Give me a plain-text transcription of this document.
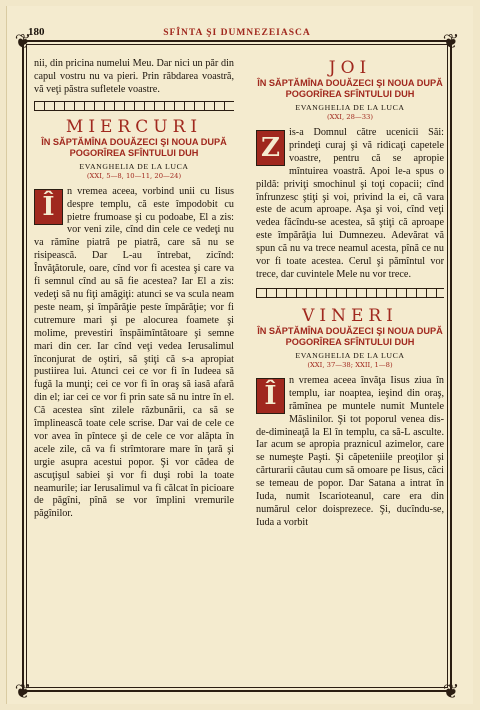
❦	❦
❦	❦
180	SFÎNTA ŞI DUMNEZEIASCA

nii, din pricina numelui Meu. Dar nici un păr din capul vostru nu va pieri. Prin răbdarea voastră, vă veţi păstra sufletele voastre.

MIERCURI

ÎN SĂPTĂMÎNA DOUĂZECI ŞI NOUA DUPĂ POGORÎREA SFÎNTULUI DUH

EVANGHELIA DE LA LUCA
(XXI, 5—8, 10—11, 20—24)
Î

n vremea aceea, vorbind unii cu Iisus despre templu, că este împodobit cu pietre frumoase şi cu podoabe, El a zis: vor veni zile, cînd din cele ce vedeţi nu va rămîne piatră pe piatră, care să nu se risipească. Dar L-au întrebat, zicînd: Învăţătorule, oare, cînd vor fi acestea şi care va fi semnul cînd au să fie acestea? Iar El a zis: vedeţi să nu fiţi amăgiţi: atunci se va scula neam peste neam, şi împărăţie peste împărăţie; vor fi cutremure mari şi pe alocurea foamete şi molime, prevestiri înspăimîntătoare şi semne mari din cer. Iar cînd veţi vedea Ierusalimul înconjurat de oştiri, să ştiţi că s-a apropiat pustiirea lui. Atunci cei ce vor fi în Iudeea să fugă la munţi; cei ce vor fi în oraş să iasă afară din el; iar cei ce vor fi prin sate să nu intre în el. Că acestea sînt zilele răzbunării, ca să se împlinească toate cele scrise. Dar vai de cele ce vor avea în pîntece şi de cele ce vor alăpta în acele zile, că va fi strîmtorare mare în ţară şi urgie asupra acestui popor. Şi vor cădea de ascuţişul sabiei şi vor fi duşi robi la toate neamurile; iar Ierusalimul va fi călcat în picioare de păgîni, pînă se vor împlini vremurile păgînilor.

JOI

ÎN SĂPTĂMÎNA DOUĂZECI ŞI NOUA DUPĂ POGORÎREA SFÎNTULUI DUH

EVANGHELIA DE LA LUCA
(XXI, 28—33)
Z

is-a Domnul către ucenicii Săi: prindeţi curaj şi vă ridicaţi capetele voastre, pentru că se apropie mîntuirea voastră. Apoi le-a spus o pildă: priviţi smochinul şi toţi copacii; cînd înfrunzesc ştiţi şi voi, privind la ei, că vara este de acum aproape. Aşa şi voi, cînd veţi vedea făcîndu-se acestea, să ştiţi că aproape este împărăţia lui Dumnezeu. Adevărat vă spun că nu va trece neamul acesta, pînă ce nu vor fi toate acestea. Cerul şi pămîntul vor trece, dar cuvintele Mele nu vor trece.

VINERI

ÎN SĂPTĂMÎNA DOUĂZECI ŞI NOUA DUPĂ POGORÎREA SFÎNTULUI DUH

EVANGHELIA DE LA LUCA
(XXI, 37—38; XXII, 1—8)
Î

n vremea aceea învăţa Iisus ziua în templu, iar noaptea, ieşind din oraş, rămînea pe muntele numit Muntele Măslinilor. Şi tot poporul venea dis-de-dimineaţă la El în templu, ca să-L asculte. Iar acum se apropia praznicul azimelor, care se numeşte Paşti. Şi căpeteniile preoţilor şi cărturarii căutau cum să omoare pe Iisus, căci se temeau de popor. Dar Satana a intrat în Iuda, numit Iscarioteanul, care era din numărul celor doisprezece. Şi, ducîndu-se, Iuda a vorbit
